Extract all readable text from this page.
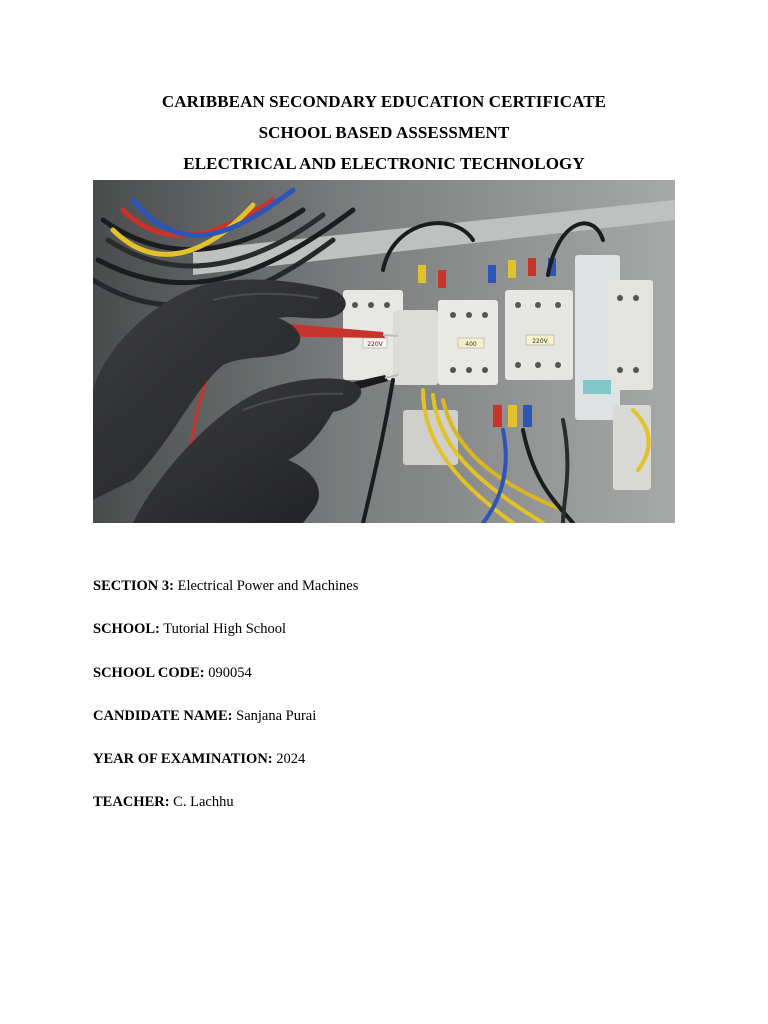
CARIBBEAN SECONDARY EDUCATION CERTIFICATE
SCHOOL BASED ASSESSMENT
ELECTRICAL AND ELECTRONIC TECHNOLOGY
220V	400	220V
SECTION 3: Electrical Power and Machines
SCHOOL: Tutorial High School
SCHOOL CODE: 090054
CANDIDATE NAME: Sanjana Purai
YEAR OF EXAMINATION: 2024
TEACHER: C. Lachhu
